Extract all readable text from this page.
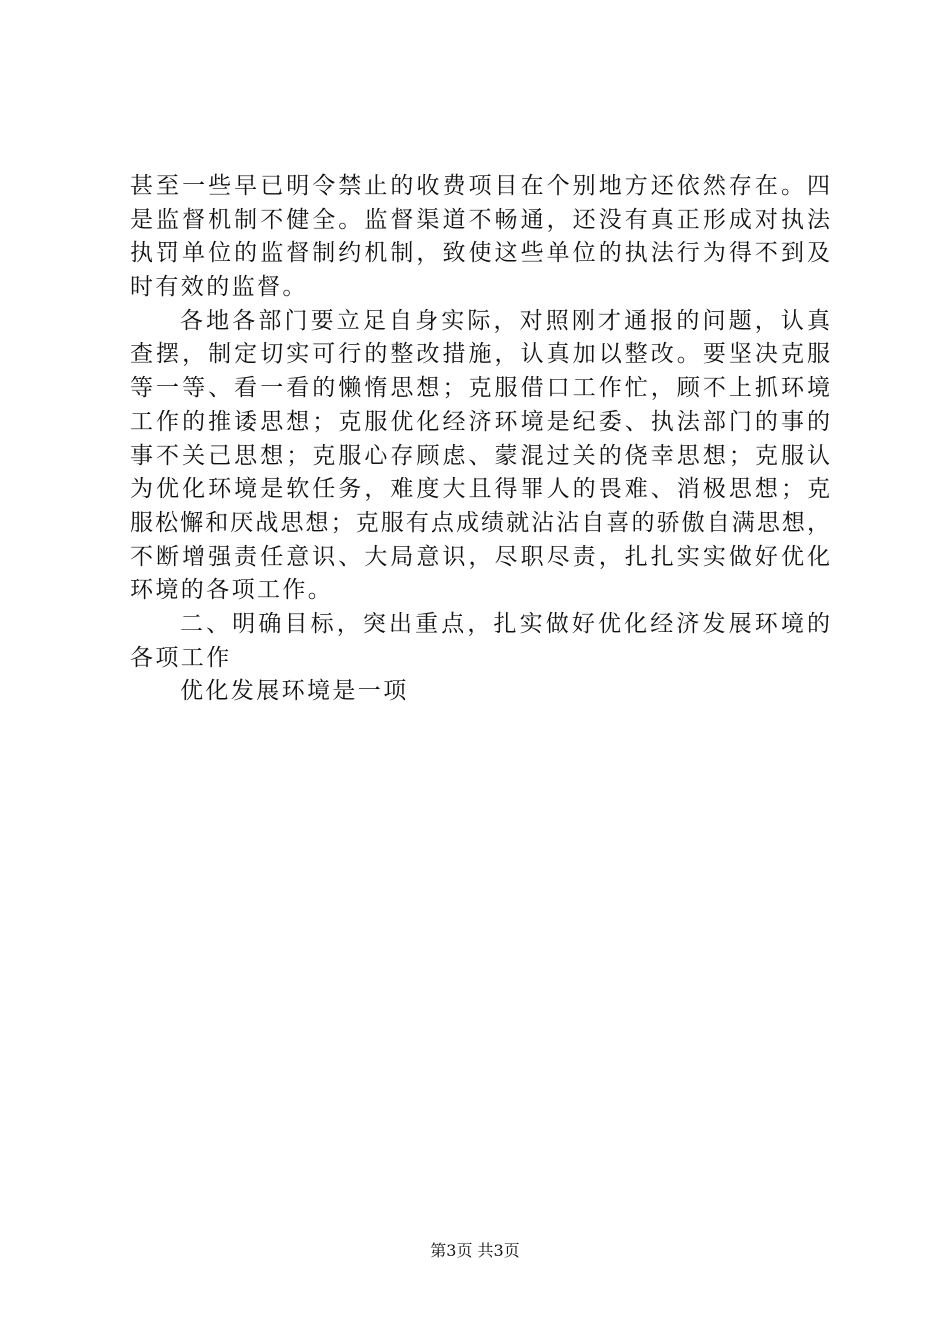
甚至一些早已明令禁止的收费项目在个别地方还依然存在。四
是监督机制不健全。监督渠道不畅通，还没有真正形成对执法
执罚单位的监督制约机制，致使这些单位的执法行为得不到及
时有效的监督。
各地各部门要立足自身实际，对照刚才通报的问题，认真
查摆，制定切实可行的整改措施，认真加以整改。要坚决克服
等一等、看一看的懒惰思想；克服借口工作忙，顾不上抓环境
工作的推诿思想；克服优化经济环境是纪委、执法部门的事的
事不关己思想；克服心存顾虑、蒙混过关的侥幸思想；克服认
为优化环境是软任务，难度大且得罪人的畏难、消极思想；克
服松懈和厌战思想；克服有点成绩就沾沾自喜的骄傲自满思想，
不断增强责任意识、大局意识，尽职尽责，扎扎实实做好优化
环境的各项工作。
二、明确目标，突出重点，扎实做好优化经济发展环境的
各项工作
优化发展环境是一项
第3页 共3页
